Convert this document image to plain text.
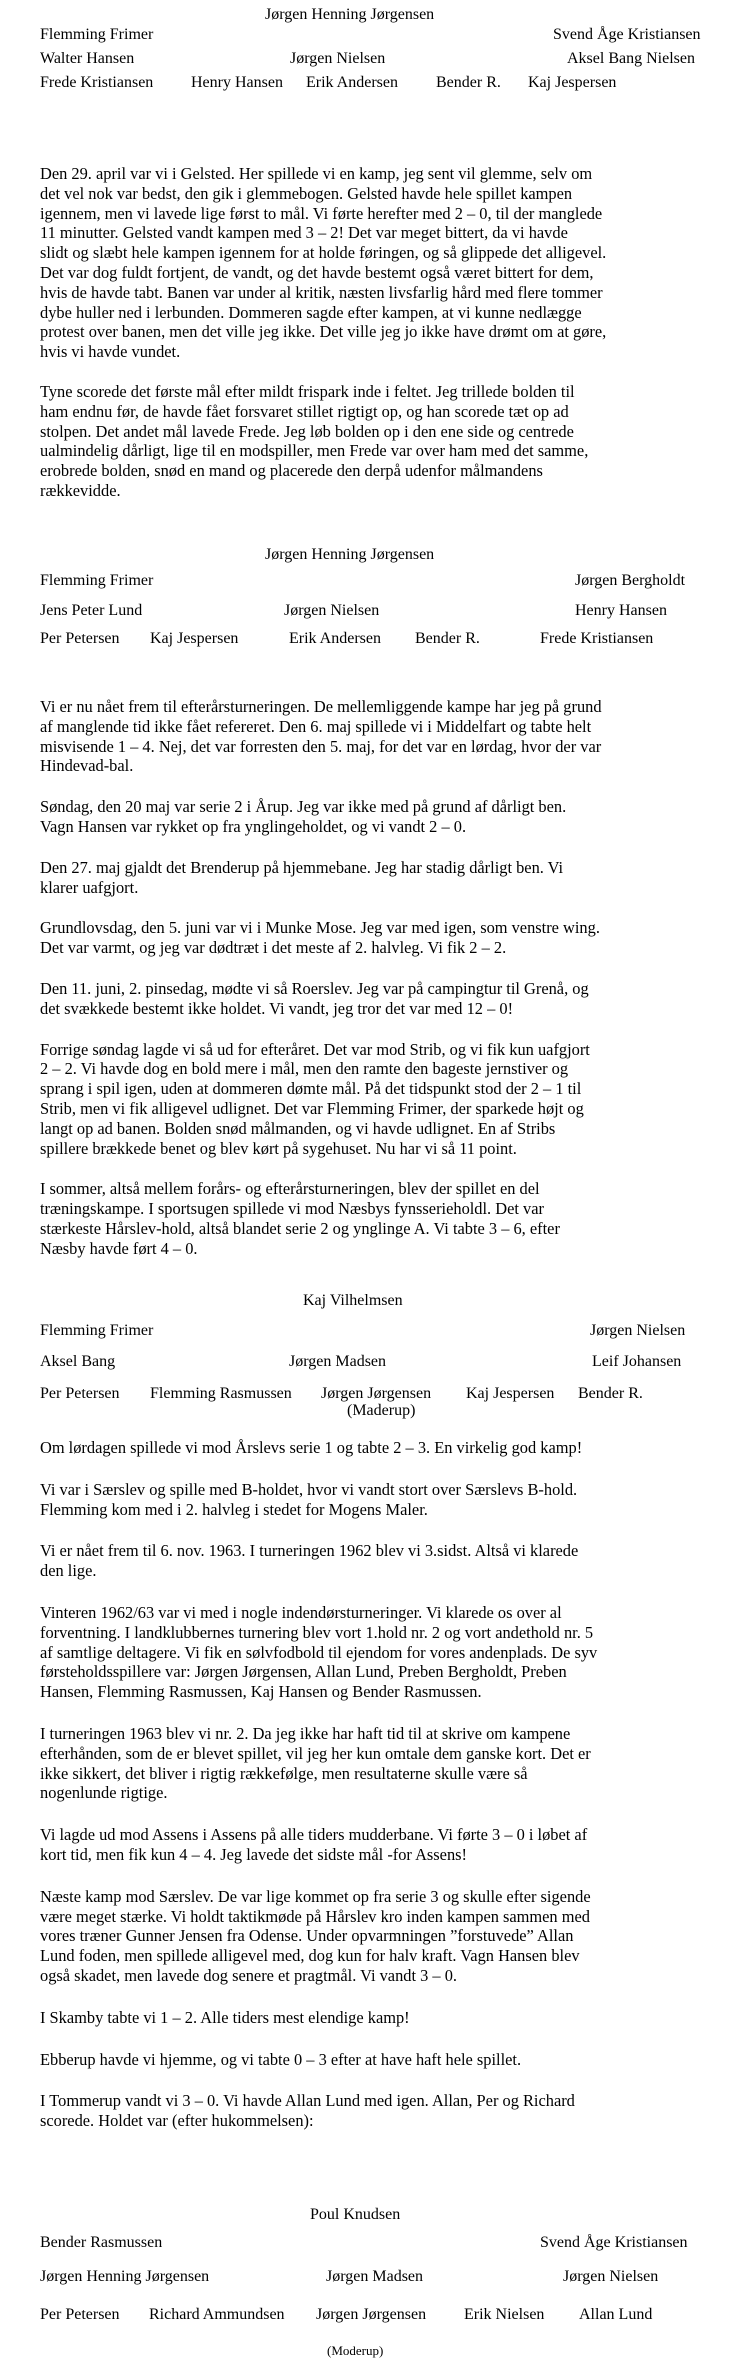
Jørgen Henning Jørgensen
Flemming Frimer	Svend Åge Kristiansen
Walter Hansen	Jørgen Nielsen	Aksel Bang Nielsen
Frede Kristiansen Henry Hansen Erik Andersen Bender R. Kaj Jespersen

Den 29. april var vi i Gelsted. Her spillede vi en kamp, jeg sent vil glemme, selv om
det vel nok var bedst, den gik i glemmebogen. Gelsted havde hele spillet kampen
igennem, men vi lavede lige først to mål. Vi førte herefter med 2 – 0, til der manglede
11 minutter. Gelsted vandt kampen med 3 – 2! Det var meget bittert, da vi havde
slidt og slæbt hele kampen igennem for at holde føringen, og så glippede det alligevel.
Det var dog fuldt fortjent, de vandt, og det havde bestemt også været bittert for dem,
hvis de havde tabt. Banen var under al kritik, næsten livsfarlig hård med flere tommer
dybe huller ned i lerbunden. Dommeren sagde efter kampen, at vi kunne nedlægge
protest over banen, men det ville jeg ikke. Det ville jeg jo ikke have drømt om at gøre,
hvis vi havde vundet.

Tyne scorede det første mål efter mildt frispark inde i feltet. Jeg trillede bolden til
ham endnu før, de havde fået forsvaret stillet rigtigt op, og han scorede tæt op ad
stolpen. Det andet mål lavede Frede. Jeg løb bolden op i den ene side og centrede
ualmindelig dårligt, lige til en modspiller, men Frede var over ham med det samme,
erobrede bolden, snød en mand og placerede den derpå udenfor målmandens
rækkevidde.

Jørgen Henning Jørgensen
Flemming Frimer	Jørgen Bergholdt
Jens Peter Lund	Jørgen Nielsen	Henry Hansen
Per Petersen Kaj Jespersen	Erik Andersen Bender R.	Frede Kristiansen

Vi er nu nået frem til efterårsturneringen. De mellemliggende kampe har jeg på grund
af manglende tid ikke fået refereret. Den 6. maj spillede vi i Middelfart og tabte helt
misvisende 1 – 4. Nej, det var forresten den 5. maj, for det var en lørdag, hvor der var
Hindevad-bal.

Søndag, den 20 maj var serie 2 i Årup. Jeg var ikke med på grund af dårligt ben.
Vagn Hansen var rykket op fra ynglingeholdet, og vi vandt 2 – 0.

Den 27. maj gjaldt det Brenderup på hjemmebane. Jeg har stadig dårligt ben. Vi
klarer uafgjort.

Grundlovsdag, den 5. juni var vi i Munke Mose. Jeg var med igen, som venstre wing.
Det var varmt, og jeg var dødtræt i det meste af 2. halvleg. Vi fik 2 – 2.

Den 11. juni, 2. pinsedag, mødte vi så Roerslev. Jeg var på campingtur til Grenå, og
det svækkede bestemt ikke holdet. Vi vandt, jeg tror det var med 12 – 0!

Forrige søndag lagde vi så ud for efteråret. Det var mod Strib, og vi fik kun uafgjort
2 – 2. Vi havde dog en bold mere i mål, men den ramte den bageste jernstiver og
sprang i spil igen, uden at dommeren dømte mål. På det tidspunkt stod der 2 – 1 til
Strib, men vi fik alligevel udlignet. Det var Flemming Frimer, der sparkede højt og
langt op ad banen. Bolden snød målmanden, og vi havde udlignet. En af Stribs
spillere brækkede benet og blev kørt på sygehuset. Nu har vi så 11 point.

I sommer, altså mellem forårs- og efterårsturneringen, blev der spillet en del
træningskampe. I sportsugen spillede vi mod Næsbys fynsserieholdl. Det var
stærkeste Hårslev-hold, altså blandet serie 2 og ynglinge A. Vi tabte 3 – 6, efter
Næsby havde ført 4 – 0.

Kaj Vilhelmsen
Flemming Frimer	Jørgen Nielsen
Aksel Bang	Jørgen Madsen	Leif Johansen
Per Petersen Flemming Rasmussen Jørgen Jørgensen Kaj Jespersen Bender R.
(Maderup)

Om lørdagen spillede vi mod Årslevs serie 1 og tabte 2 – 3. En virkelig god kamp!

Vi var i Særslev og spille med B-holdet, hvor vi vandt stort over Særslevs B-hold.
Flemming kom med i 2. halvleg i stedet for Mogens Maler.

Vi er nået frem til 6. nov. 1963. I turneringen 1962 blev vi 3.sidst. Altså vi klarede
den lige.

Vinteren 1962/63 var vi med i nogle indendørsturneringer. Vi klarede os over al
forventning. I landklubbernes turnering blev vort 1.hold nr. 2 og vort andethold nr. 5
af samtlige deltagere. Vi fik en sølvfodbold til ejendom for vores andenplads. De syv
førsteholdsspillere var: Jørgen Jørgensen, Allan Lund, Preben Bergholdt, Preben
Hansen, Flemming Rasmussen, Kaj Hansen og Bender Rasmussen.

I turneringen 1963 blev vi nr. 2. Da jeg ikke har haft tid til at skrive om kampene
efterhånden, som de er blevet spillet, vil jeg her kun omtale dem ganske kort. Det er
ikke sikkert, det bliver i rigtig rækkefølge, men resultaterne skulle være så
nogenlunde rigtige.

Vi lagde ud mod Assens i Assens på alle tiders mudderbane. Vi førte 3 – 0 i løbet af
kort tid, men fik kun 4 – 4. Jeg lavede det sidste mål -for Assens!

Næste kamp mod Særslev. De var lige kommet op fra serie 3 og skulle efter sigende
være meget stærke. Vi holdt taktikmøde på Hårslev kro inden kampen sammen med
vores træner Gunner Jensen fra Odense. Under opvarmningen ”forstuvede” Allan
Lund foden, men spillede alligevel med, dog kun for halv kraft. Vagn Hansen blev
også skadet, men lavede dog senere et pragtmål. Vi vandt 3 – 0.

I Skamby tabte vi 1 – 2. Alle tiders mest elendige kamp!

Ebberup havde vi hjemme, og vi tabte 0 – 3 efter at have haft hele spillet.

I Tommerup vandt vi 3 – 0. Vi havde Allan Lund med igen. Allan, Per og Richard
scorede. Holdet var (efter hukommelsen):

Poul Knudsen
Bender Rasmussen	Svend Åge Kristiansen
Jørgen Henning Jørgensen	Jørgen Madsen	Jørgen Nielsen
Per Petersen Richard Ammundsen Jørgen Jørgensen Erik Nielsen Allan Lund
(Moderup)
